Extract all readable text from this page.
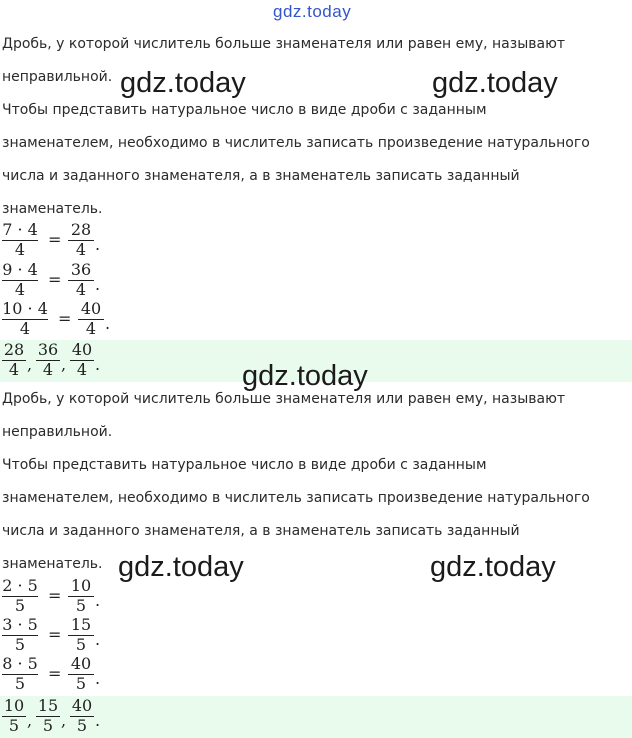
gdz.today

Дробь, у которой числитель больше знаменателя или равен ему, называют

неправильной.

Чтобы представить натуральное число в виде дроби с заданным

знаменателем, необходимо в числитель записать произведение натурального

числа и заданного знаменателя, а в знаменатель записать заданный

знаменатель.

7 · 4
4
=
28
4 .
9 · 4
4
=
36
4 .
10 · 4
4
=
40
4 .
28
4 ,
36
4 ,
40
4 .

Дробь, у которой числитель больше знаменателя или равен ему, называют

неправильной.

Чтобы представить натуральное число в виде дроби с заданным

знаменателем, необходимо в числитель записать произведение натурального

числа и заданного знаменателя, а в знаменатель записать заданный

знаменатель.

2 · 5
5
=
10
5 .
3 · 5
5
=
15
5 .
8 · 5
5
=
40
5 .
10
5 ,
15
5 ,
40
5 .
gdz.today	gdz.today
gdz.today
gdz.today	gdz.today
